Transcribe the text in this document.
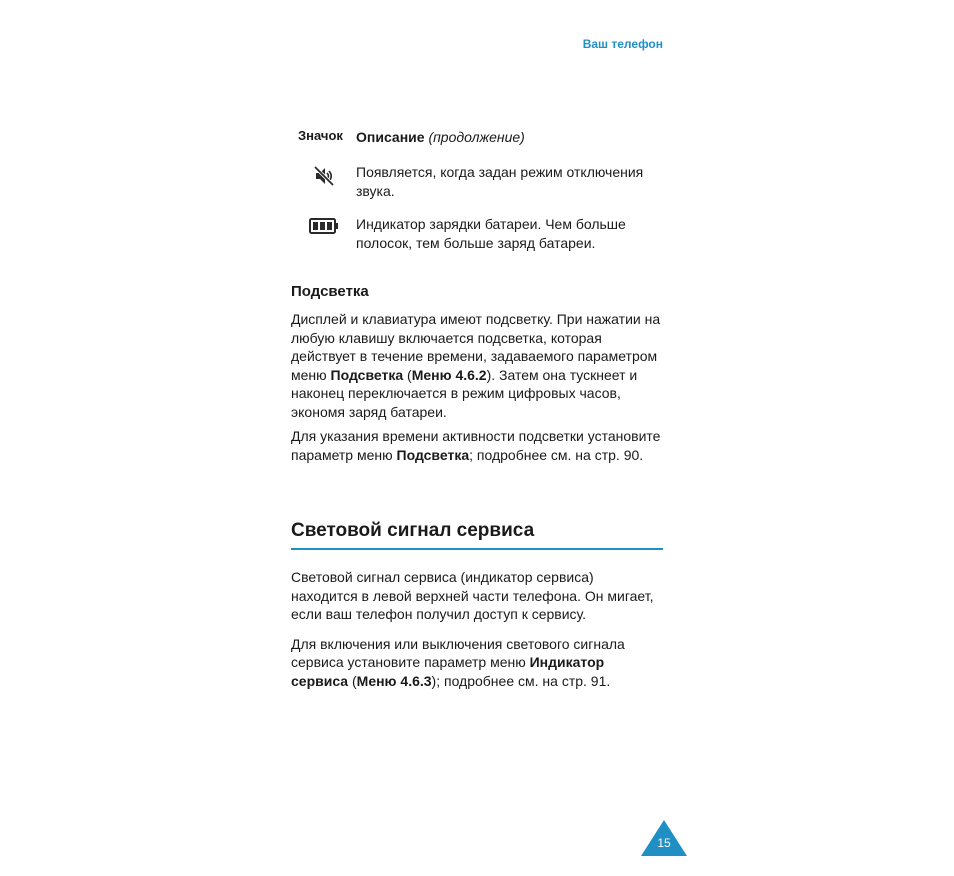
Ваш телефон
Значок Описание (продолжение)
Появляется, когда задан режим отключения звука.
Индикатор зарядки батареи. Чем больше полосок, тем больше заряд батареи.
Подсветка

Дисплей и клавиатура имеют подсветку. При нажатии на любую клавишу включается подсветка, которая действует в течение времени, задаваемого параметром меню Подсветка (Меню 4.6.2). Затем она тускнеет и наконец переключается в режим цифровых часов, экономя заряд батареи.

Для указания времени активности подсветки установите параметр меню Подсветка; подробнее см. на стр. 90.

Световой сигнал сервиса

Световой сигнал сервиса (индикатор сервиса) находится в левой верхней части телефона. Он мигает, если ваш телефон получил доступ к сервису.

Для включения или выключения светового сигнала сервиса установите параметр меню Индикатор сервиса (Меню 4.6.3); подробнее см. на стр. 91.

15
